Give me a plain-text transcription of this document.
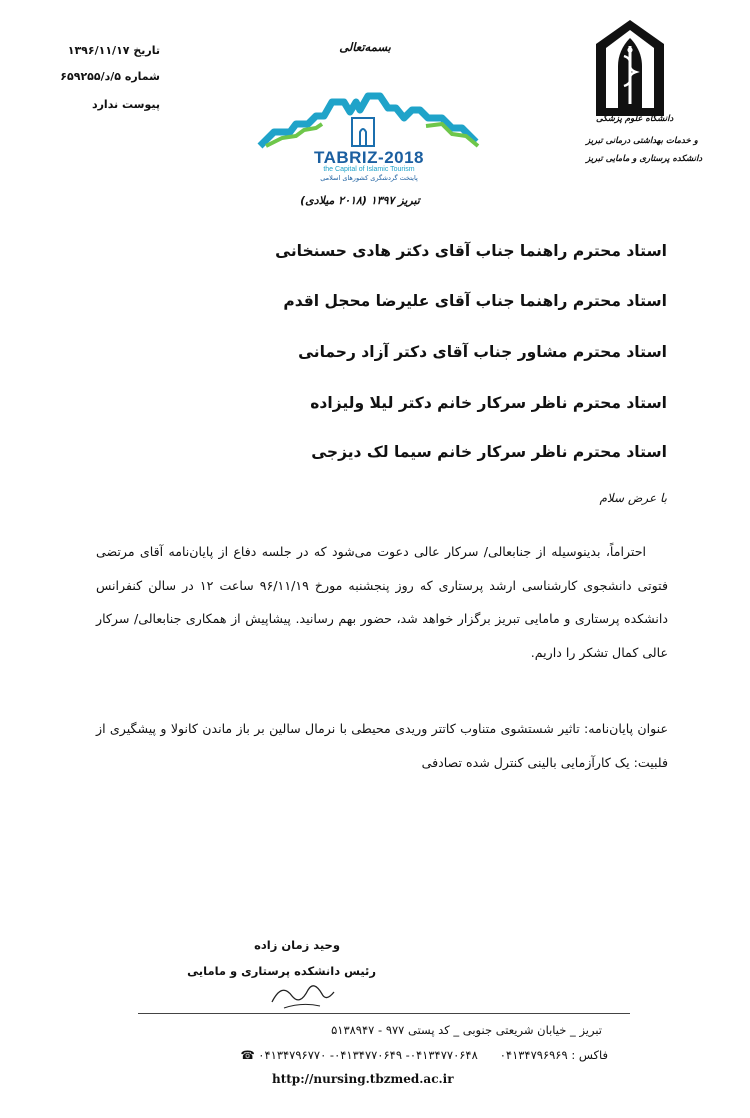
تاریخ ۱۳۹۶/۱۱/۱۷
شماره ۵/د/۶۵۹۲۵۵
پیوست ندارد
بسمه‌تعالی
دانشگاه علوم پزشکی
و خدمات بهداشتی درمانی تبریز
دانشکده پرستاری و مامایی تبریز
TABRIZ-2018
the Capital of Islamic Tourism
پایتخت گردشگری کشورهای اسلامی
تبریز ۱۳۹۷ (۲۰۱۸ میلادی)
استاد محترم راهنما جناب آقای دکتر هادی حسنخانی
استاد محترم راهنما جناب آقای علیرضا محجل اقدم
استاد محترم مشاور جناب آقای دکتر آزاد رحمانی
استاد محترم ناظر سرکار خانم دکتر لیلا ولیزاده
استاد محترم ناظر سرکار خانم سیما لک دیزجی
با عرض سلام

احتراماً، بدینوسیله از جنابعالی/ سرکار عالی دعوت می‌شود که در جلسه دفاع از پایان‌نامه آقای مرتضی فتوتی دانشجوی کارشناسی ارشد پرستاری که روز پنجشنبه مورخ ۹۶/۱۱/۱۹ ساعت ۱۲ در سالن کنفرانس دانشکده پرستاری و مامایی تبریز برگزار خواهد شد، حضور بهم رسانید. پیشاپیش از همکاری جنابعالی/ سرکار عالی کمال تشکر را داریم.

عنوان پایان‌نامه: تاثیر شستشوی متناوب کاتتر وریدی محیطی با نرمال سالین بر باز ماندن کانولا و پیشگیری از فلبیت: یک کارآزمایی بالینی کنترل شده تصادفی

وحید زمان زاده
رئیس دانشکده پرستاری و مامایی
تبریز _ خیابان شریعتی جنوبی _ کد پستی ۹۷۷ - ۵۱۳۸۹۴۷
فاکس : ۰۴۱۳۴۷۹۶۹۶۹      ۰۴۱۳۴۷۷۰۶۴۸- ۰۴۱۳۴۷۷۰۶۴۹- ۰۴۱۳۴۷۹۶۷۷۰ ☎
http://nursing.tbzmed.ac.ir
